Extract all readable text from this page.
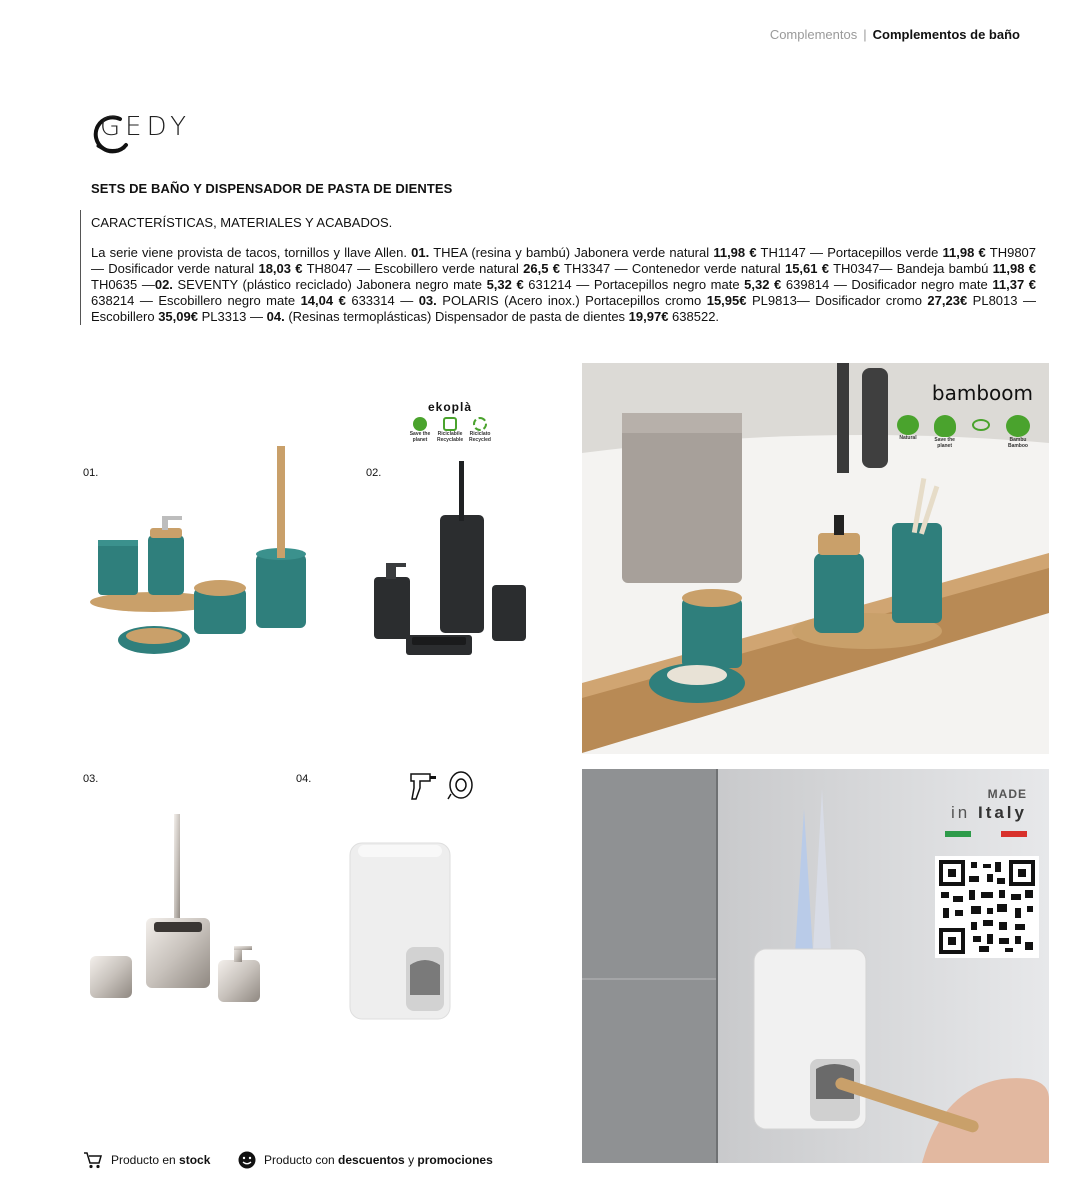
Complementos | Complementos de baño
GEDY
SETS DE BAÑO Y DISPENSADOR DE PASTA DE DIENTES
CARACTERÍSTICAS, MATERIALES Y ACABADOS.
La serie viene provista de tacos, tornillos y llave Allen. 01. THEA (resina y bambú) Jabonera verde natural 11,98 € TH1147 — Portacepillos verde 11,98 € TH9807 — Dosificador verde natural 18,03 € TH8047 — Escobillero verde natural 26,5 € TH3347 — Contenedor verde natural 15,61 € TH0347— Bandeja bambú 11,98 € TH0635 —02. SEVENTY (plástico reciclado) Jabonera negro mate 5,32 € 631214 — Portacepillos negro mate 5,32 € 639814 — Dosificador negro mate 11,37 € 638214 — Escobillero negro mate 14,04 € 633314 — 03. POLARIS (Acero inox.) Portacepillos cromo 15,95€ PL9813— Dosificador cromo 27,23€ PL8013 — Escobillero 35,09€ PL3313 — 04. (Resinas termoplásticas) Dispensador de pasta de dientes 19,97€ 638522.
01.	02.
ekoplà
Save the planet
Riciclabile Recyclable
Riciclato Recycled
03.	04.
bamboom
Natural	Save the planet
Bambu Bamboo
MADE
in Italy
Producto en stock	Producto con descuentos y promociones
